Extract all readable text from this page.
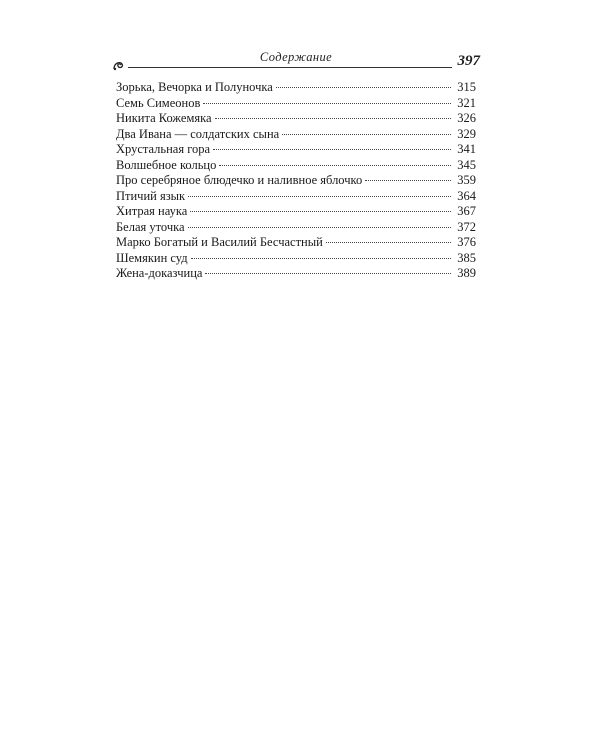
Содержание	397
Зорька, Вечорка и Полуночка	315
Семь Симеонов	321
Никита Кожемяка	326
Два Ивана — солдатских сына	329
Хрустальная гора	341
Волшебное кольцо	345
Про серебряное блюдечко и наливное яблочко	359
Птичий язык	364
Хитрая наука	367
Белая уточка	372
Марко Богатый и Василий Бесчастный	376
Шемякин суд	385
Жена-доказчица	389
